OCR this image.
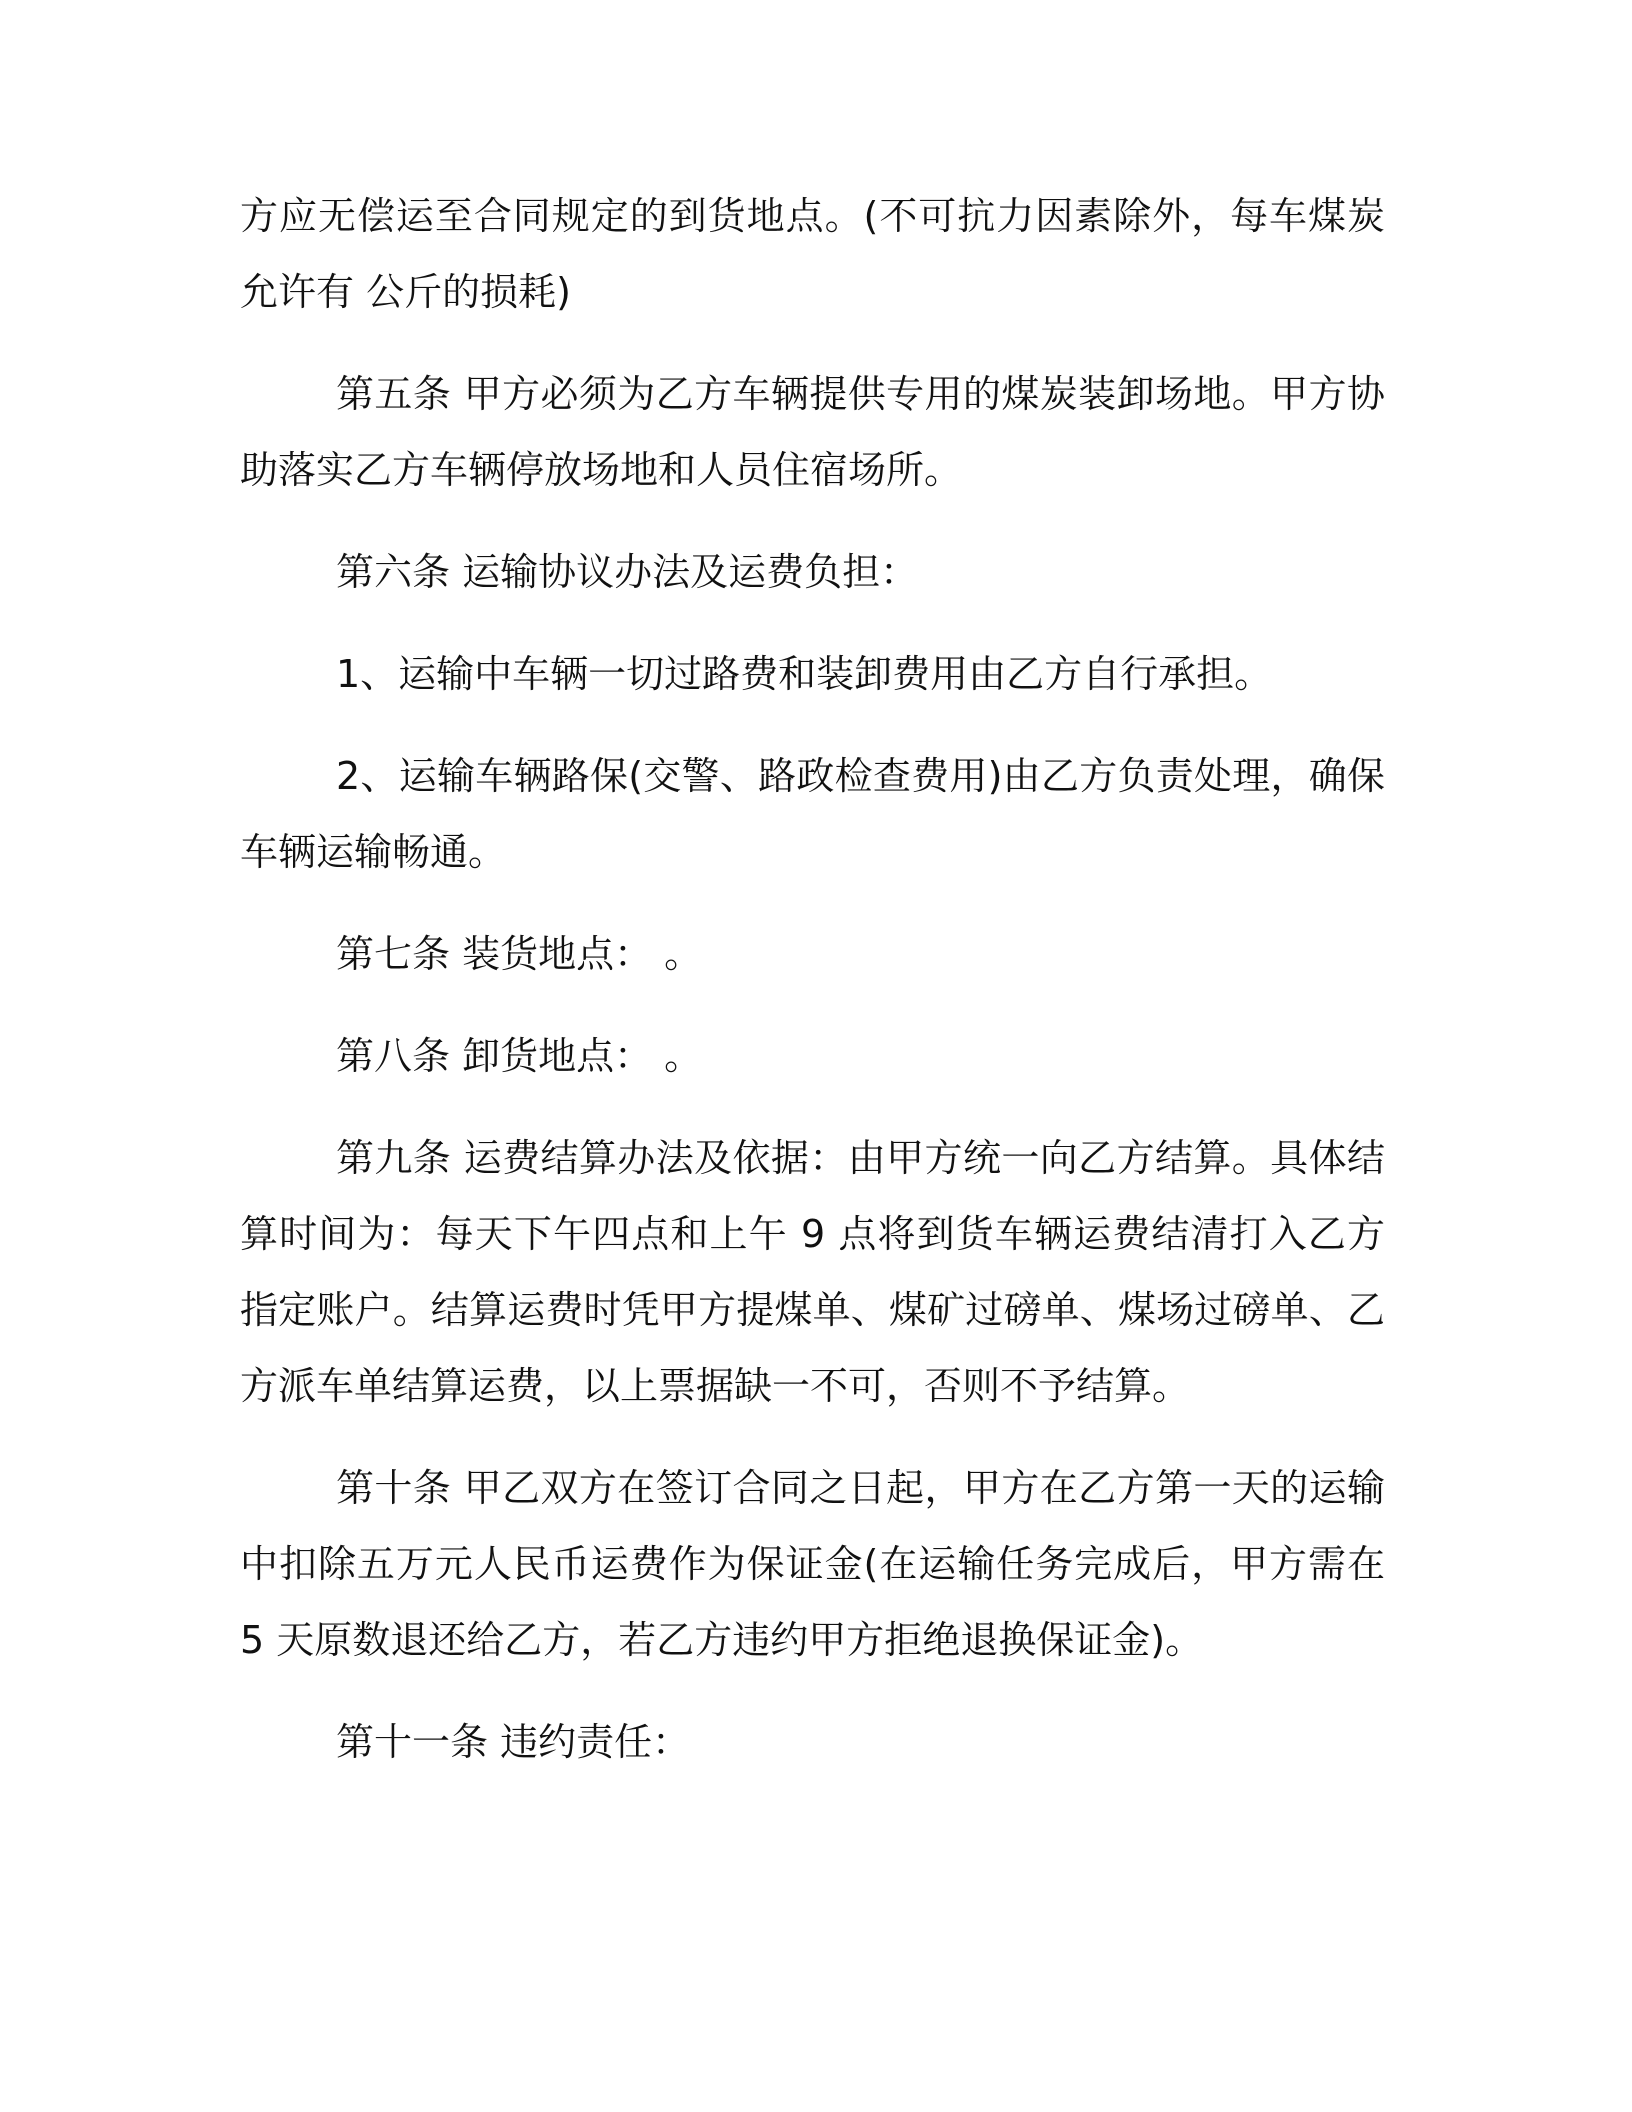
方应无偿运至合同规定的到货地点。(不可抗力因素除外，每车煤炭允许有 公斤的损耗)

第五条 甲方必须为乙方车辆提供专用的煤炭装卸场地。甲方协助落实乙方车辆停放场地和人员住宿场所。

第六条 运输协议办法及运费负担：

1、运输中车辆一切过路费和装卸费用由乙方自行承担。

2、运输车辆路保(交警、路政检查费用)由乙方负责处理，确保车辆运输畅通。

第七条 装货地点： 。

第八条 卸货地点： 。

第九条 运费结算办法及依据：由甲方统一向乙方结算。具体结算时间为：每天下午四点和上午 9 点将到货车辆运费结清打入乙方指定账户。结算运费时凭甲方提煤单、煤矿过磅单、煤场过磅单、乙方派车单结算运费，以上票据缺一不可，否则不予结算。

第十条 甲乙双方在签订合同之日起，甲方在乙方第一天的运输中扣除五万元人民币运费作为保证金(在运输任务完成后，甲方需在 5 天原数退还给乙方，若乙方违约甲方拒绝退换保证金)。

第十一条 违约责任：
